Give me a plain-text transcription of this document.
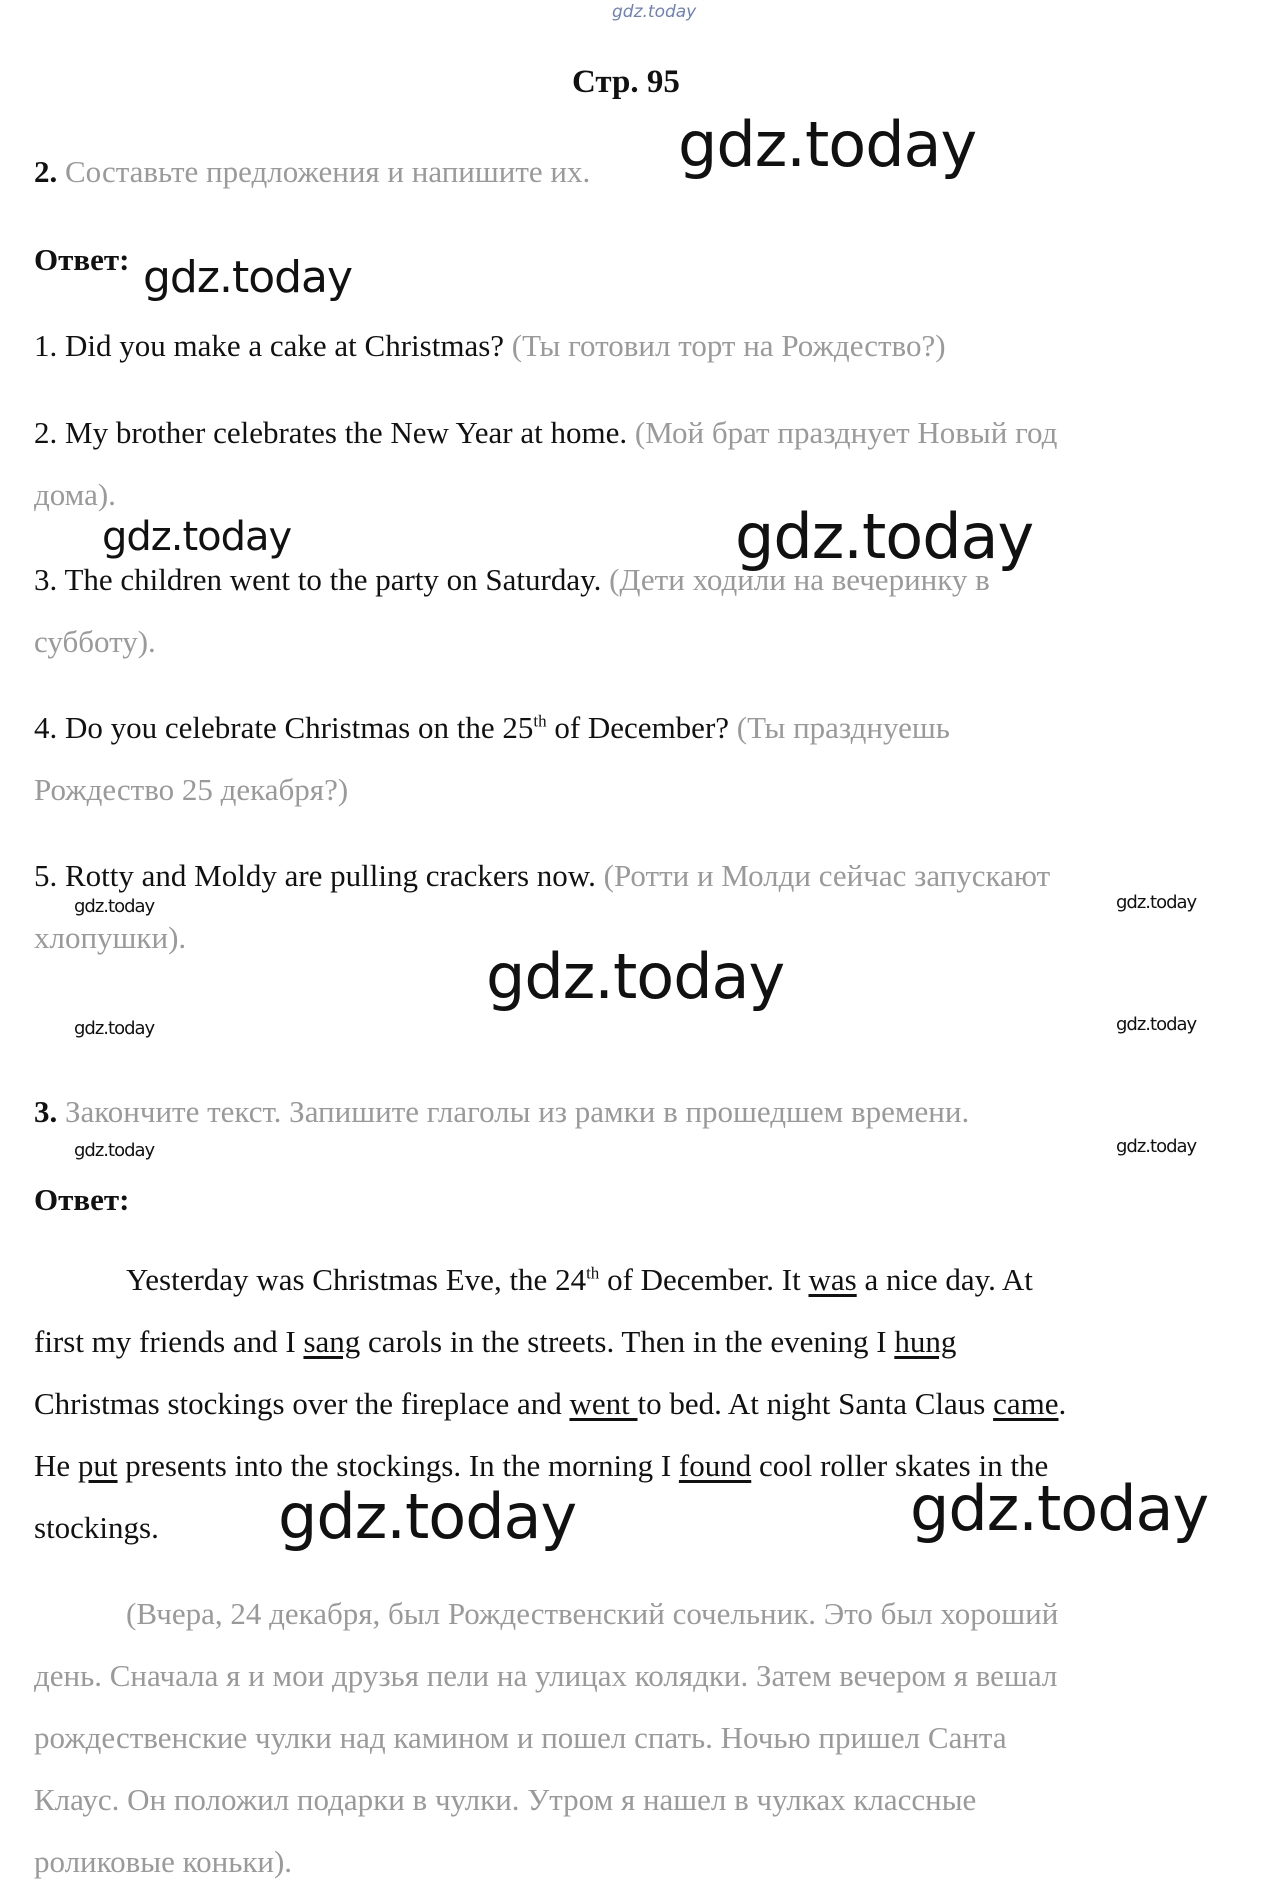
gdz.today
Стр. 95
2. Составьте предложения и напишите их. gdz.today
Ответ: gdz.today
1. Did you make a cake at Christmas? (Ты готовил торт на Рождество?)
2. My brother celebrates the New Year at home. (Мой брат празднует Новый год
дома).
gdz.today	gdz.today
3. The children went to the party on Saturday. (Дети ходили на вечеринку в
субботу).
4. Do you celebrate Christmas on the 25th of December? (Ты празднуешь
Рождество 25 декабря?)
5. Rotty and Moldy are pulling crackers now. (Ротти и Молди сейчас запускают
gdz.today	gdz.today
хлопушки).
gdz.today
gdz.today	gdz.today
3. Закончите текст. Запишите глаголы из рамки в прошедшем времени.
gdz.today	gdz.today
Ответ:
Yesterday was Christmas Eve, the 24th of December. It was a nice day. At
first my friends and I sang carols in the streets. Then in the evening I hung
Christmas stockings over the fireplace and went to bed. At night Santa Claus came.
He put presents into the stockings. In the morning I found cool roller skates in the
stockings. gdz.today	gdz.today
(Вчера, 24 декабря, был Рождественский сочельник. Это был хороший
день. Сначала я и мои друзья пели на улицах колядки. Затем вечером я вешал
рождественские чулки над камином и пошел спать. Ночью пришел Санта
Клаус. Он положил подарки в чулки. Утром я нашел в чулках классные
роликовые коньки).
